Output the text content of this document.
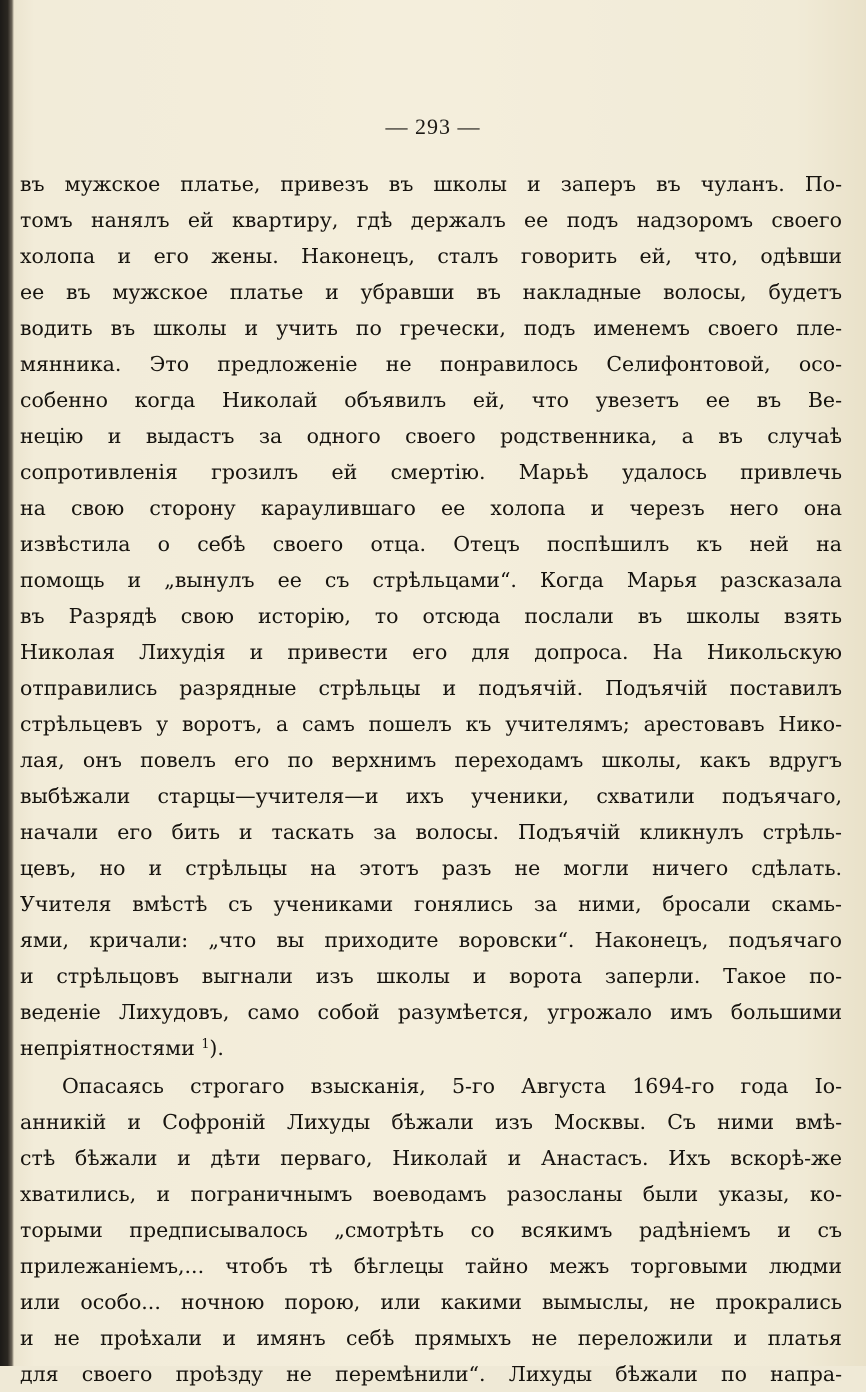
— 293 —
въ мужское платье, привезъ въ школы и заперъ въ чуланъ. По-
томъ нанялъ ей квартиру, гдѣ держалъ ее подъ надзоромъ своего
холопа и его жены. Наконецъ, сталъ говорить ей, что, одѣвши
ее въ мужское платье и убравши въ накладные волосы, будетъ
водить въ школы и учить по гречески, подъ именемъ своего пле-
мянника. Это предложеніе не понравилось Селифонтовой, осо-
собенно когда Николай объявилъ ей, что увезетъ ее въ Ве-
нецію и выдастъ за одного своего родственника, а въ случаѣ
сопротивленія грозилъ ей смертію. Марьѣ удалось привлечь
на свою сторону караулившаго ее холопа и черезъ него она
извѣстила о себѣ своего отца. Отецъ поспѣшилъ къ ней на
помощь и „вынулъ ее съ стрѣльцами“. Когда Марья разсказала
въ Разрядѣ свою исторію, то отсюда послали въ школы взять
Николая Лихудія и привести его для допроса. На Никольскую
отправились разрядные стрѣльцы и подъячій. Подъячій поставилъ
стрѣльцевъ у воротъ, а самъ пошелъ къ учителямъ; арестовавъ Нико-
лая, онъ повелъ его по верхнимъ переходамъ школы, какъ вдругъ
выбѣжали старцы—учителя—и ихъ ученики, схватили подъячаго,
начали его бить и таскать за волосы. Подъячій кликнулъ стрѣль-
цевъ, но и стрѣльцы на этотъ разъ не могли ничего сдѣлать.
Учителя вмѣстѣ съ учениками гонялись за ними, бросали скамь-
ями, кричали: „что вы приходите воровски“. Наконецъ, подъячаго
и стрѣльцовъ выгнали изъ школы и ворота заперли. Такое по-
веденіе Лихудовъ, само собой разумѣется, угрожало имъ большими
непріятностями $^1$).
Опасаясь строгаго взысканія, 5-го Августа 1694-го года Іо-
анникій и Софроній Лихуды бѣжали изъ Москвы. Съ ними вмѣ-
стѣ бѣжали и дѣти перваго, Николай и Анастасъ. Ихъ вскорѣ-же
хватились, и пограничнымъ воеводамъ разосланы были указы, ко-
торыми предписывалось „смотрѣть со всякимъ радѣніемъ и съ
прилежаніемъ,... чтобъ тѣ бѣглецы тайно межъ торговыми людми
или особо... ночною порою, или какими вымыслы, не прокрались
и не проѣхали и имянъ себѣ прямыхъ не переложили и платья
для своего проѣзду не перемѣнили“. Лихуды бѣжали по напра-
